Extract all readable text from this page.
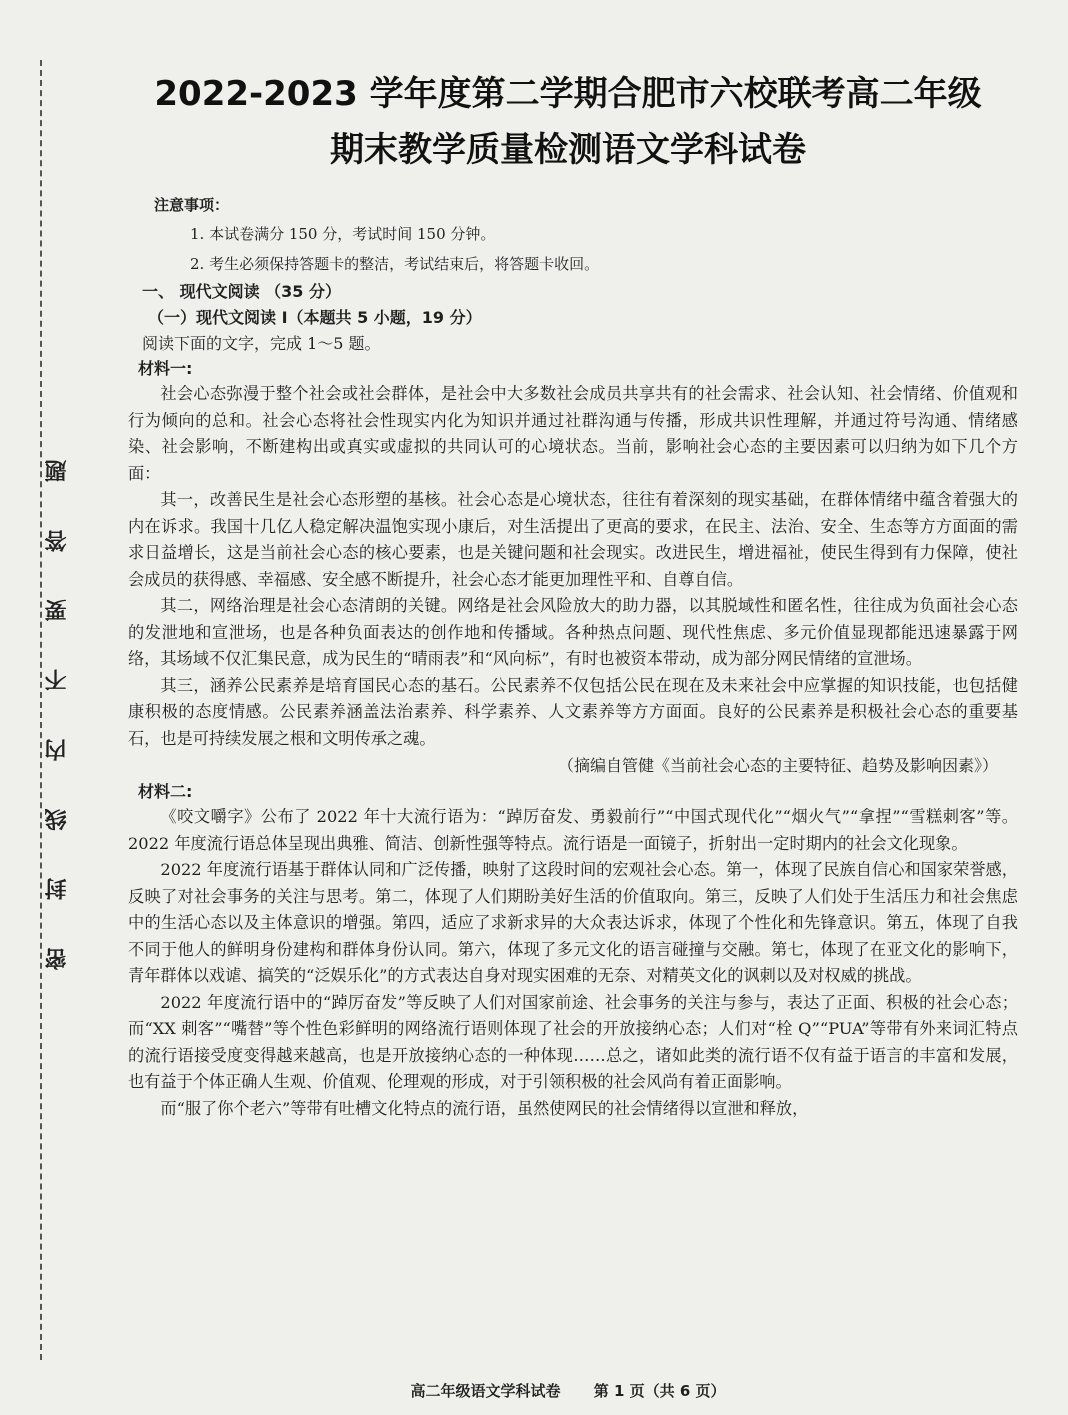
密 封 线 内 不 要 答 题
2022-2023 学年度第二学期合肥市六校联考高二年级
期末教学质量检测语文学科试卷
注意事项：
1. 本试卷满分 150 分，考试时间 150 分钟。
2. 考生必须保持答题卡的整洁，考试结束后，将答题卡收回。
一、 现代文阅读 （35 分）
（一）现代文阅读 I（本题共 5 小题，19 分）
阅读下面的文字，完成 1～5 题。
材料一:

社会心态弥漫于整个社会或社会群体，是社会中大多数社会成员共享共有的社会需求、社会认知、社会情绪、价值观和行为倾向的总和。社会心态将社会性现实内化为知识并通过社群沟通与传播，形成共识性理解，并通过符号沟通、情绪感染、社会影响，不断建构出或真实或虚拟的共同认可的心境状态。当前，影响社会心态的主要因素可以归纳为如下几个方面：

其一，改善民生是社会心态形塑的基核。社会心态是心境状态，往往有着深刻的现实基础，在群体情绪中蕴含着强大的内在诉求。我国十几亿人稳定解决温饱实现小康后，对生活提出了更高的要求，在民主、法治、安全、生态等方方面面的需求日益增长，这是当前社会心态的核心要素，也是关键问题和社会现实。改进民生，增进福祉，使民生得到有力保障，使社会成员的获得感、幸福感、安全感不断提升，社会心态才能更加理性平和、自尊自信。

其二，网络治理是社会心态清朗的关键。网络是社会风险放大的助力器，以其脱域性和匿名性，往往成为负面社会心态的发泄地和宣泄场，也是各种负面表达的创作地和传播域。各种热点问题、现代性焦虑、多元价值显现都能迅速暴露于网络，其场域不仅汇集民意，成为民生的“晴雨表”和“风向标”，有时也被资本带动，成为部分网民情绪的宣泄场。

其三，涵养公民素养是培育国民心态的基石。公民素养不仅包括公民在现在及未来社会中应掌握的知识技能，也包括健康积极的态度情感。公民素养涵盖法治素养、科学素养、人文素养等方方面面。良好的公民素养是积极社会心态的重要基石，也是可持续发展之根和文明传承之魂。

（摘编自管健《当前社会心态的主要特征、趋势及影响因素》）
材料二:

《咬文嚼字》公布了 2022 年十大流行语为：“踔厉奋发、勇毅前行”“中国式现代化”“烟火气”“拿捏”“雪糕刺客”等。2022 年度流行语总体呈现出典雅、简洁、创新性强等特点。流行语是一面镜子，折射出一定时期内的社会文化现象。

2022 年度流行语基于群体认同和广泛传播，映射了这段时间的宏观社会心态。第一，体现了民族自信心和国家荣誉感，反映了对社会事务的关注与思考。第二，体现了人们期盼美好生活的价值取向。第三，反映了人们处于生活压力和社会焦虑中的生活心态以及主体意识的增强。第四，适应了求新求异的大众表达诉求，体现了个性化和先锋意识。第五，体现了自我不同于他人的鲜明身份建构和群体身份认同。第六，体现了多元文化的语言碰撞与交融。第七，体现了在亚文化的影响下，青年群体以戏谑、搞笑的“泛娱乐化”的方式表达自身对现实困难的无奈、对精英文化的讽刺以及对权威的挑战。

2022 年度流行语中的“踔厉奋发”等反映了人们对国家前途、社会事务的关注与参与，表达了正面、积极的社会心态；而“XX 刺客”“嘴替”等个性色彩鲜明的网络流行语则体现了社会的开放接纳心态；人们对“栓 Q”“PUA”等带有外来词汇特点的流行语接受度变得越来越高，也是开放接纳心态的一种体现……总之，诸如此类的流行语不仅有益于语言的丰富和发展，也有益于个体正确人生观、价值观、伦理观的形成，对于引领积极的社会风尚有着正面影响。

而“服了你个老六”等带有吐槽文化特点的流行语，虽然使网民的社会情绪得以宣泄和释放，

高二年级语文学科试卷 第 1 页（共 6 页）
